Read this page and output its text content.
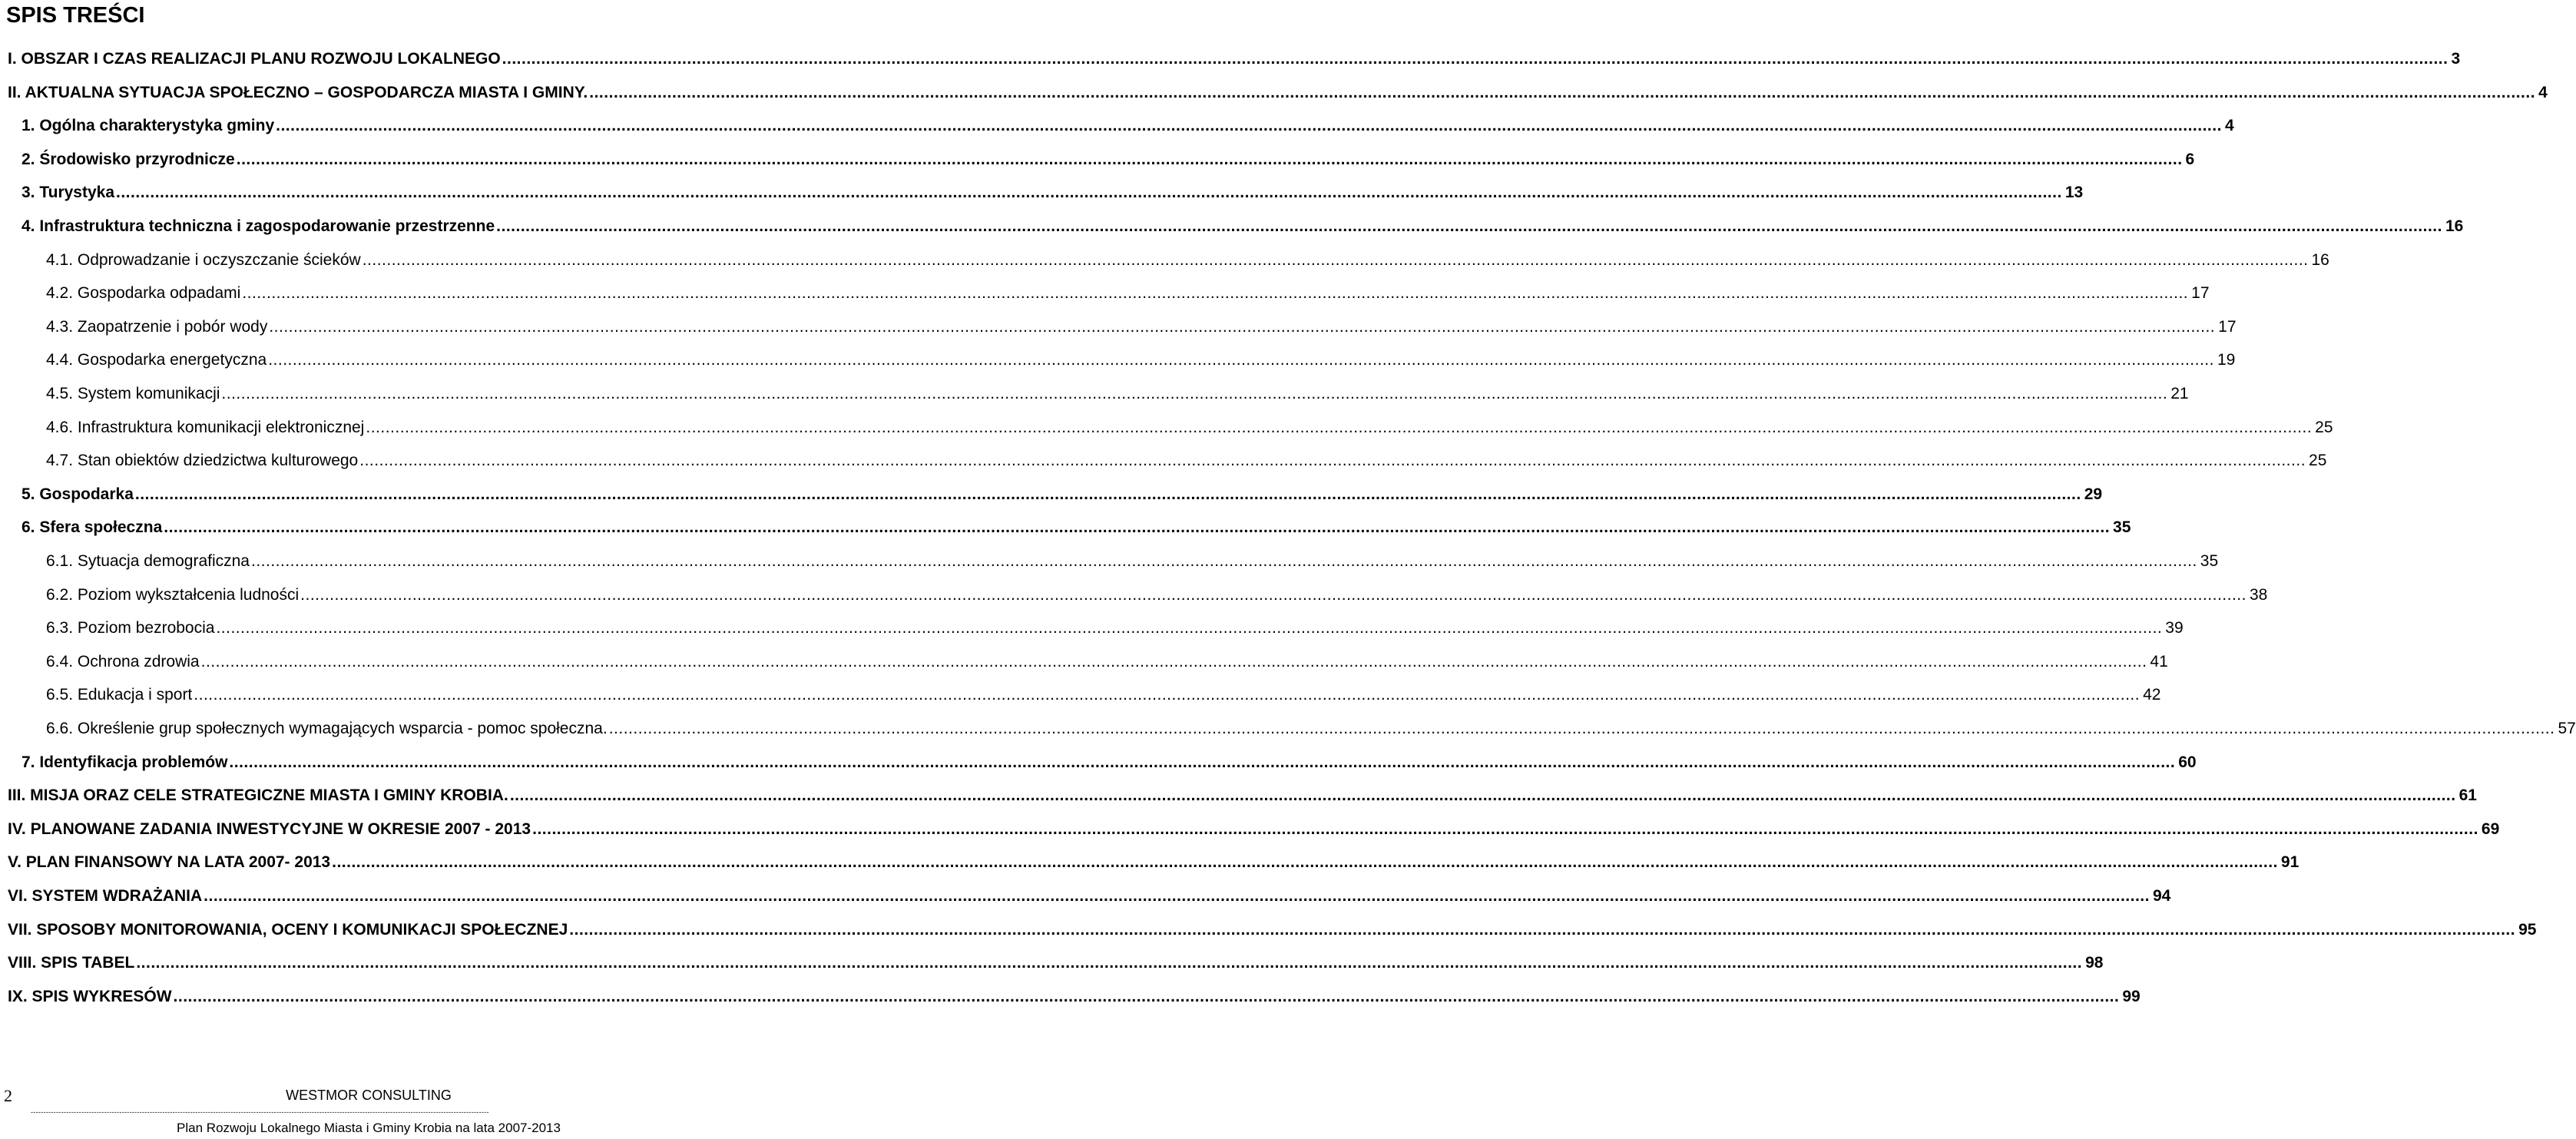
SPIS TREŚCI
I. OBSZAR I CZAS REALIZACJI PLANU ROZWOJU LOKALNEGO .....	3
II. AKTUALNA SYTUACJA SPOŁECZNO – GOSPODARCZA MIASTA I GMINY. .....	4
1. Ogólna charakterystyka gminy .....	4
2. Środowisko przyrodnicze .....	6
3. Turystyka .....	13
4. Infrastruktura techniczna i zagospodarowanie przestrzenne .....	16
4.1. Odprowadzanie i oczyszczanie ścieków .....	16
4.2. Gospodarka odpadami .....	17
4.3. Zaopatrzenie i pobór wody .....	17
4.4. Gospodarka energetyczna .....	19
4.5. System komunikacji .....	21
4.6. Infrastruktura komunikacji elektronicznej .....	25
4.7. Stan obiektów dziedzictwa kulturowego .....	25
5. Gospodarka .....	29
6. Sfera społeczna .....	35
6.1. Sytuacja demograficzna .....	35
6.2. Poziom wykształcenia ludności .....	38
6.3. Poziom bezrobocia .....	39
6.4. Ochrona zdrowia .....	41
6.5. Edukacja i sport .....	42
6.6. Określenie grup społecznych wymagających wsparcia - pomoc społeczna. .....	57
7. Identyfikacja problemów .....	60
III. MISJA ORAZ CELE STRATEGICZNE MIASTA I GMINY KROBIA. .....	61
IV. PLANOWANE ZADANIA INWESTYCYJNE W OKRESIE 2007 - 2013 .....	69
V. PLAN FINANSOWY NA LATA 2007- 2013 .....	91
VI. SYSTEM WDRAŻANIA .....	94
VII. SPOSOBY MONITOROWANIA, OCENY I KOMUNIKACJI SPOŁECZNEJ .....	95
VIII. SPIS TABEL .....	98
IX. SPIS WYKRESÓW .....	99
2	WESTMOR CONSULTING
-------------------------------------------------------------------------------------------------------------------------------------------------------------------------------------
Plan Rozwoju Lokalnego Miasta i Gminy Krobia na lata 2007-2013
